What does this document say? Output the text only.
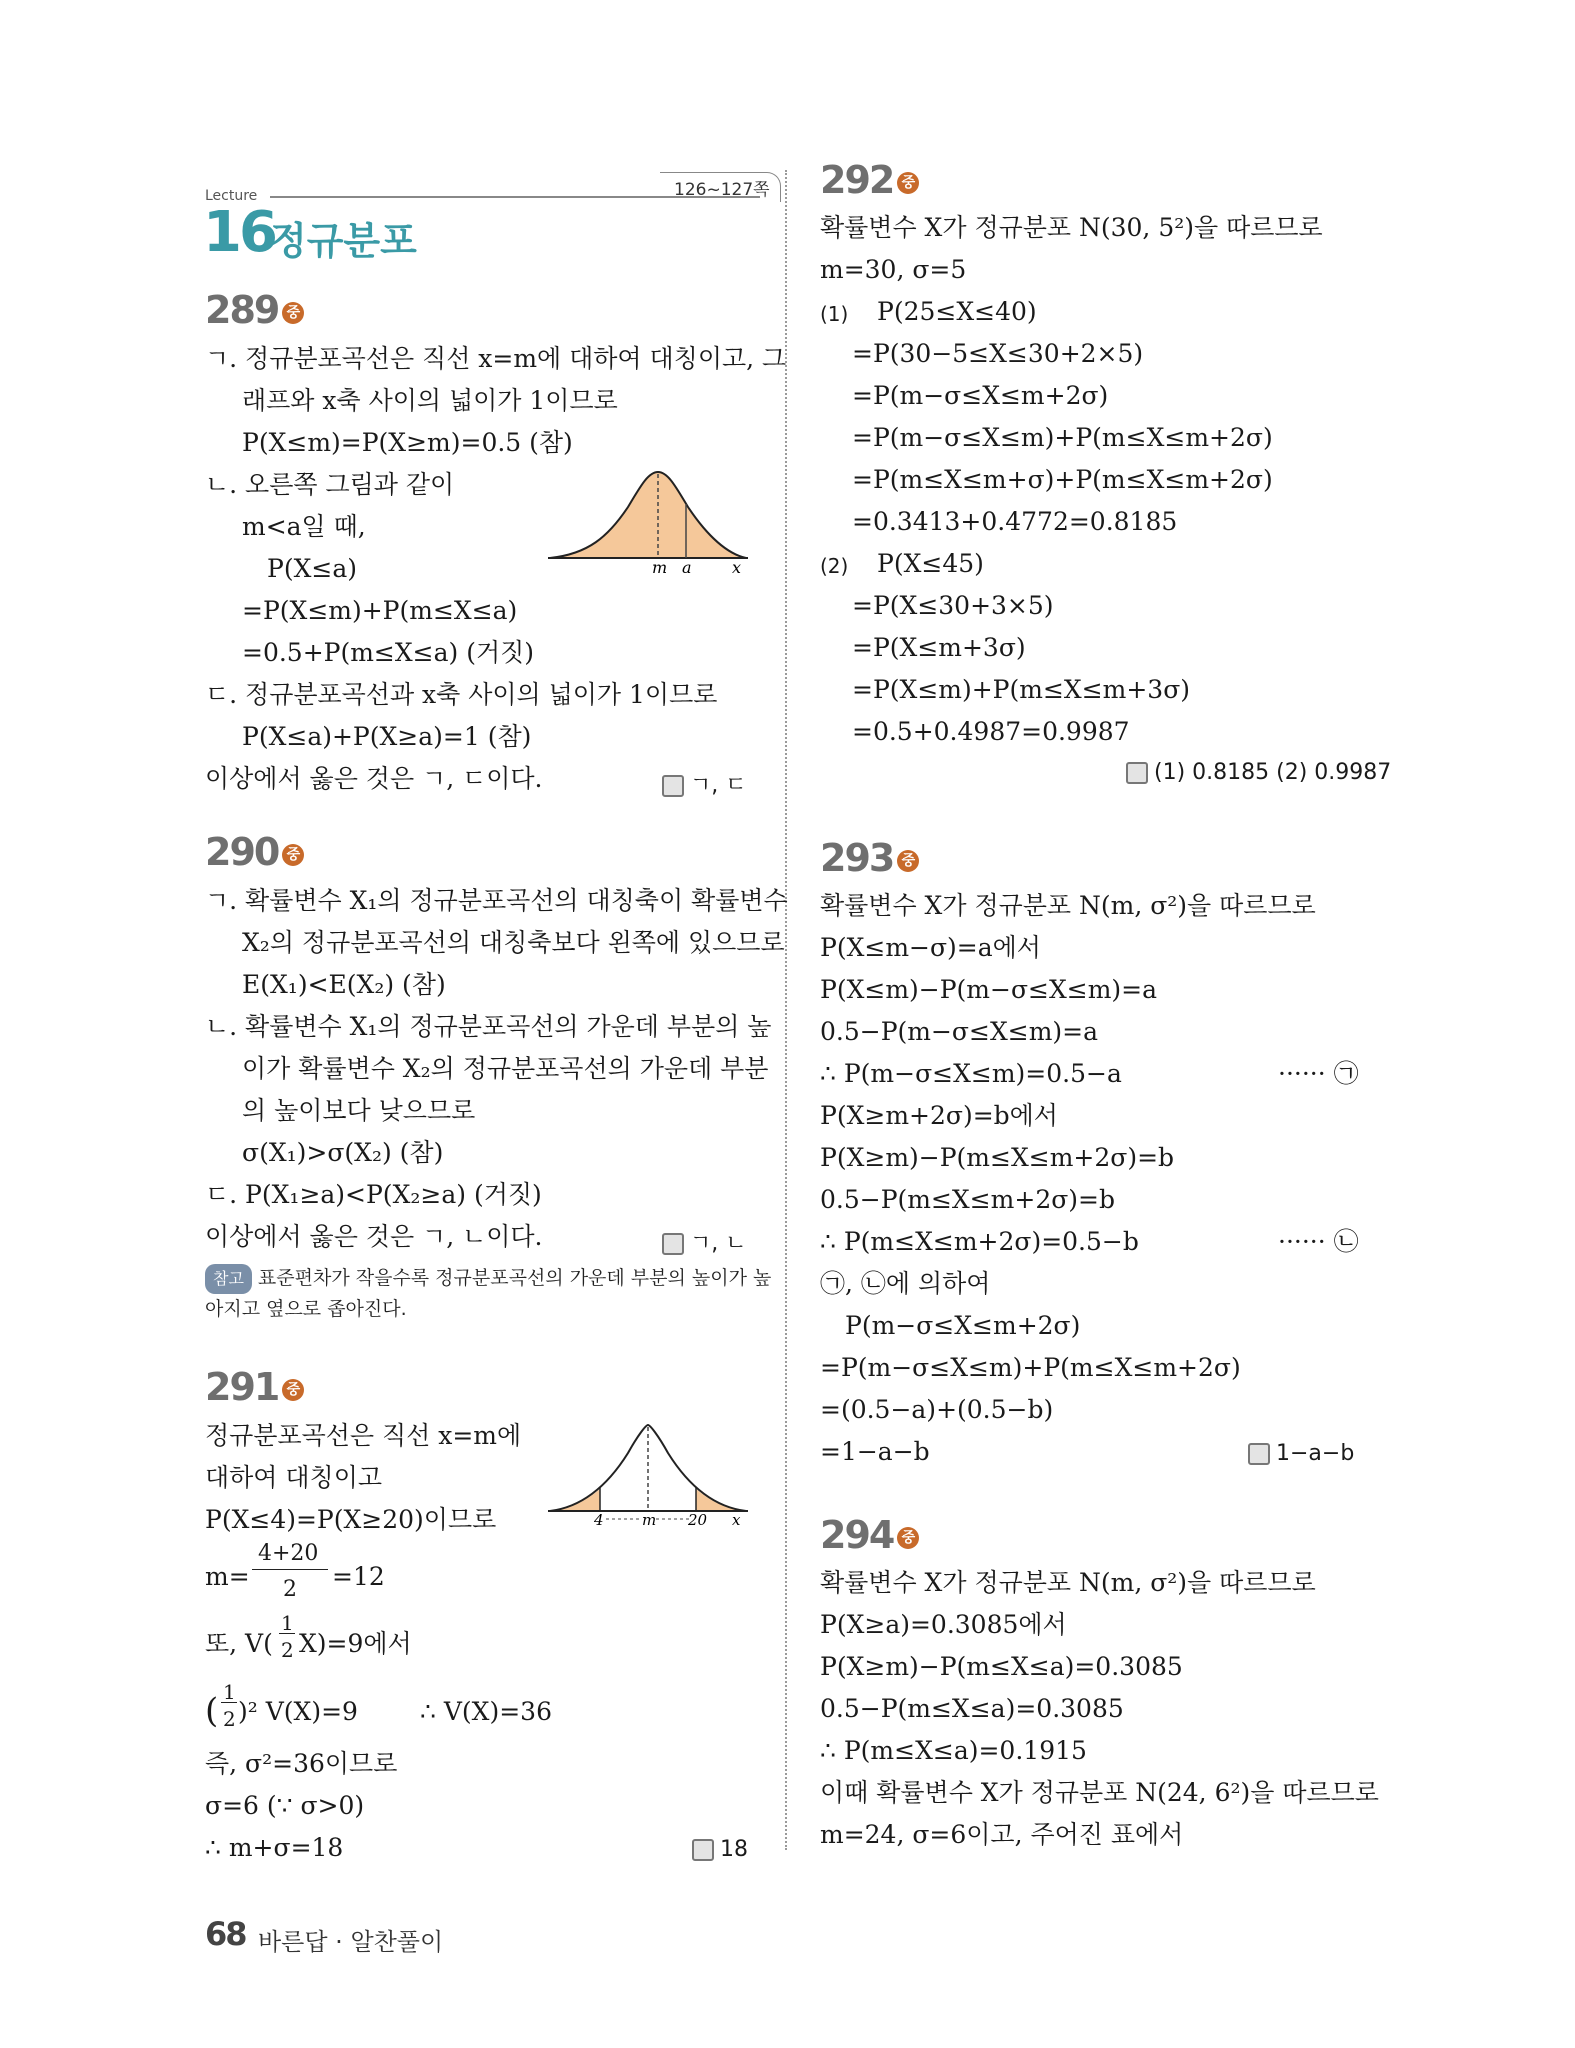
Lecture	126~127쪽
16
정규분포
289 중
ㄱ. 정규분포곡선은 직선 x=m에 대하여 대칭이고, 그
래프와 x축 사이의 넓이가 1이므로
P(X≤m)=P(X≥m)=0.5 (참)
ㄴ. 오른쪽 그림과 같이
m<a일 때,
P(X≤a)
=P(X≤m)+P(m≤X≤a)
=0.5+P(m≤X≤a) (거짓)
ㄷ. 정규분포곡선과 x축 사이의 넓이가 1이므로
P(X≤a)+P(X≥a)=1 (참)
이상에서 옳은 것은 ㄱ, ㄷ이다.	ㄱ, ㄷ
m a	x
290 중
ㄱ. 확률변수 X₁의 정규분포곡선의 대칭축이 확률변수
X₂의 정규분포곡선의 대칭축보다 왼쪽에 있으므로
E(X₁)<E(X₂) (참)
ㄴ. 확률변수 X₁의 정규분포곡선의 가운데 부분의 높
이가 확률변수 X₂의 정규분포곡선의 가운데 부분
의 높이보다 낮으므로
σ(X₁)>σ(X₂) (참)
ㄷ. P(X₁≥a)<P(X₂≥a) (거짓)
이상에서 옳은 것은 ㄱ, ㄴ이다.	ㄱ, ㄴ
참고 표준편차가 작을수록 정규분포곡선의 가운데 부분의 높이가 높
아지고 옆으로 좁아진다.
291 중
정규분포곡선은 직선 x=m에
대하여 대칭이고
P(X≤4)=P(X≥20)이므로
m=
4+20
2 =12
또, V(
1
2 X)=9에서
( 1
2 )² V(X)=9 ∴ V(X)=36
즉, σ²=36이므로
σ=6 (∵ σ>0)
∴ m+σ=18	18
4	m 20 x
292 중
확률변수 X가 정규분포 N(30, 5²)을 따르므로
m=30, σ=5
(1) P(25≤X≤40)
=P(30−5≤X≤30+2×5)
=P(m−σ≤X≤m+2σ)
=P(m−σ≤X≤m)+P(m≤X≤m+2σ)
=P(m≤X≤m+σ)+P(m≤X≤m+2σ)
=0.3413+0.4772=0.8185
(2) P(X≤45)
=P(X≤30+3×5)
=P(X≤m+3σ)
=P(X≤m)+P(m≤X≤m+3σ)
=0.5+0.4987=0.9987
(1) 0.8185 (2) 0.9987
293 중
확률변수 X가 정규분포 N(m, σ²)을 따르므로
P(X≤m−σ)=a에서
P(X≤m)−P(m−σ≤X≤m)=a
0.5−P(m−σ≤X≤m)=a
∴ P(m−σ≤X≤m)=0.5−a	······ ㉠
P(X≥m+2σ)=b에서
P(X≥m)−P(m≤X≤m+2σ)=b
0.5−P(m≤X≤m+2σ)=b
∴ P(m≤X≤m+2σ)=0.5−b	······ ㉡
㉠, ㉡에 의하여
P(m−σ≤X≤m+2σ)
=P(m−σ≤X≤m)+P(m≤X≤m+2σ)
=(0.5−a)+(0.5−b)
=1−a−b	1−a−b
294 중
확률변수 X가 정규분포 N(m, σ²)을 따르므로
P(X≥a)=0.3085에서
P(X≥m)−P(m≤X≤a)=0.3085
0.5−P(m≤X≤a)=0.3085
∴ P(m≤X≤a)=0.1915
이때 확률변수 X가 정규분포 N(24, 6²)을 따르므로
m=24, σ=6이고, 주어진 표에서
68 바른답 · 알찬풀이
